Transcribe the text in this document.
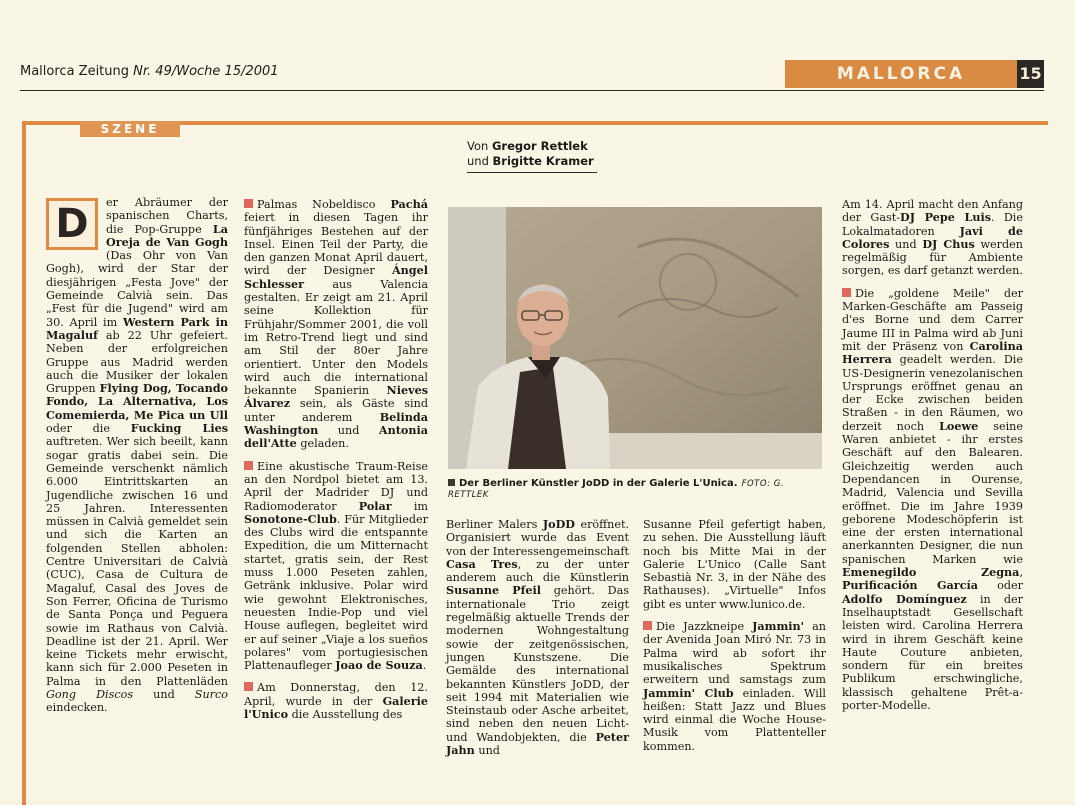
Mallorca Zeitung Nr. 49/Woche 15/2001	MALLORCA	15
SZENE
Von Gregor Rettlek
und Brigitte Kramer

D	er Abräumer der spanischen Charts, die Pop-Gruppe La Oreja de Van Gogh (Das Ohr von Van Gogh), wird der Star der diesjährigen „Festa Jove" der Gemeinde Calvià sein. Das „Fest für die Jugend" wird am 30. April im Western Park in Magaluf ab 22 Uhr gefeiert. Neben der erfolgreichen Gruppe aus Madrid werden auch die Musiker der lokalen Gruppen Flying Dog, Tocando Fondo, La Alternativa, Los Comemierda, Me Pica un Ull oder die Fucking Lies auftreten. Wer sich beeilt, kann sogar gratis dabei sein. Die Gemeinde verschenkt nämlich 6.000 Eintrittskarten an Jugendliche zwischen 16 und 25 Jahren. Interessenten müssen in Calvià gemeldet sein und sich die Karten an folgenden Stellen abholen: Centre Universitari de Calvià (CUC), Casa de Cultura de Magaluf, Casal des Joves de Son Ferrer, Oficina de Turismo de Santa Ponça und Peguera sowie im Rathaus von Calvià. Deadline ist der 21. April. Wer keine Tickets mehr erwischt, kann sich für 2.000 Peseten in Palma in den Plattenläden Gong Discos und Surco eindecken.

Palmas Nobeldisco Pachá feiert in diesen Tagen ihr fünfjähriges Bestehen auf der Insel. Einen Teil der Party, die den ganzen Monat April dauert, wird der Designer Ángel Schlesser aus Valencia gestalten. Er zeigt am 21. April seine Kollektion für Frühjahr/Sommer 2001, die voll im Retro-Trend liegt und sind am Stil der 80er Jahre orientiert. Unter den Models wird auch die international bekannte Spanierin Nieves Álvarez sein, als Gäste sind unter anderem Belinda Washington und Antonia dell'Atte geladen.

Eine akustische Traum-Reise an den Nordpol bietet am 13. April der Madrider DJ und Radiomoderator Polar im Sonotone-Club. Für Mitglieder des Clubs wird die entspannte Expedition, die um Mitternacht startet, gratis sein, der Rest muss 1.000 Peseten zahlen, Getränk inklusive. Polar wird wie gewohnt Elektronisches, neuesten Indie-Pop und viel House auflegen, begleitet wird er auf seiner „Viaje a los sueños polares" vom portugiesischen Plattenaufleger Joao de Souza.

Am Donnerstag, den 12. April, wurde in der Galerie l'Unico die Ausstellung des

Der Berliner Künstler JoDD in der Galerie L'Unica. FOTO: G. RETTLEK

Berliner Malers JoDD eröffnet. Organisiert wurde das Event von der Interessengemeinschaft Casa Tres, zu der unter anderem auch die Künstlerin Susanne Pfeil gehört. Das internationale Trio zeigt regelmäßig aktuelle Trends der modernen Wohngestaltung sowie der zeitgenössischen, jungen Kunstszene. Die Gemälde des international bekannten Künstlers JoDD, der seit 1994 mit Materialien wie Steinstaub oder Asche arbeitet, sind neben den neuen Licht- und Wandobjekten, die Peter Jahn und

Susanne Pfeil gefertigt haben, zu sehen. Die Ausstellung läuft noch bis Mitte Mai in der Galerie L'Unico (Calle Sant Sebastià Nr. 3, in der Nähe des Rathauses). „Virtuelle" Infos gibt es unter www.lunico.de.

Die Jazzkneipe Jammin' an der Avenida Joan Miró Nr. 73 in Palma wird ab sofort ihr musikalisches Spektrum erweitern und samstags zum Jammin' Club einladen. Will heißen: Statt Jazz und Blues wird einmal die Woche House-Musik vom Plattenteller kommen.

Am 14. April macht den Anfang der Gast-DJ Pepe Luis. Die Lokalmatadoren Javi de Colores und DJ Chus werden regelmäßig für Ambiente sorgen, es darf getanzt werden.

Die „goldene Meile" der Marken-Geschäfte am Passeig d'es Borne und dem Carrer Jaume III in Palma wird ab Juni mit der Präsenz von Carolina Herrera geadelt werden. Die US-Designerin venezolanischen Ursprungs eröffnet genau an der Ecke zwischen beiden Straßen - in den Räumen, wo derzeit noch Loewe seine Waren anbietet - ihr erstes Geschäft auf den Balearen. Gleichzeitig werden auch Dependancen in Ourense, Madrid, Valencia und Sevilla eröffnet. Die im Jahre 1939 geborene Modeschöpferin ist eine der ersten international anerkannten Designer, die nun spanischen Marken wie Emenegildo Zegna, Purificación García oder Adolfo Domínguez in der Inselhauptstadt Gesellschaft leisten wird. Carolina Herrera wird in ihrem Geschäft keine Haute Couture anbieten, sondern für ein breites Publikum erschwingliche, klassisch gehaltene Prêt-a-porter-Modelle.
